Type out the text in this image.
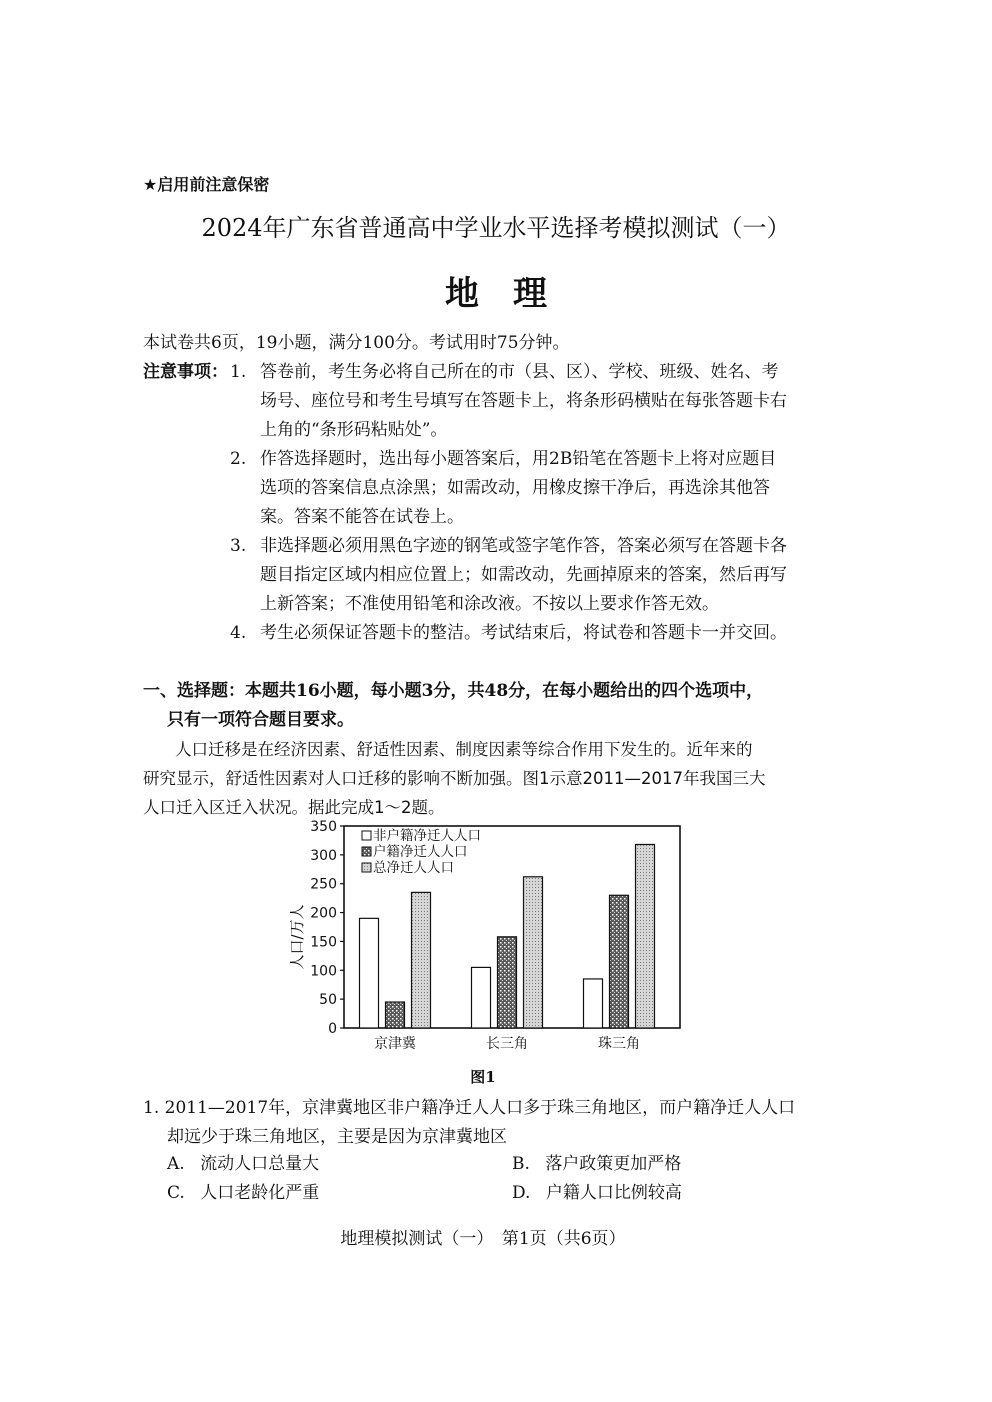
★启用前注意保密
2024年广东省普通高中学业水平选择考模拟测试（一）
地理
本试卷共6页，19小题，满分100分。考试用时75分钟。
注意事项： 1. 答卷前，考生务必将自己所在的市（县、区）、学校、班级、姓名、考
场号、座位号和考生号填写在答题卡上，将条形码横贴在每张答题卡右
上角的“条形码粘贴处”。
2. 作答选择题时，选出每小题答案后，用2B铅笔在答题卡上将对应题目
选项的答案信息点涂黑；如需改动，用橡皮擦干净后，再选涂其他答
案。答案不能答在试卷上。
3. 非选择题必须用黑色字迹的钢笔或签字笔作答，答案必须写在答题卡各
题目指定区域内相应位置上；如需改动，先画掉原来的答案，然后再写
上新答案；不准使用铅笔和涂改液。不按以上要求作答无效。
4. 考生必须保证答题卡的整洁。考试结束后，将试卷和答题卡一并交回。
一、选择题：本题共16小题，每小题3分，共48分，在每小题给出的四个选项中，
只有一项符合题目要求。
人口迁移是在经济因素、舒适性因素、制度因素等综合作用下发生的。近年来的
研究显示，舒适性因素对人口迁移的影响不断加强。图1示意2011—2017年我国三大
人口迁入区迁入状况。据此完成1～2题。
0
50
100
150
200
250
300
350
人口/万人
京津冀	长三角	珠三角
非户籍净迁人人口
户籍净迁人人口
总净迁人人口
图1
1. 2011—2017年，京津冀地区非户籍净迁人人口多于珠三角地区，而户籍净迁人人口
却远少于珠三角地区，主要是因为京津冀地区
A. 流动人口总量大	B. 落户政策更加严格
C. 人口老龄化严重	D. 户籍人口比例较高
地理模拟测试（一）　第1页（共6页）
